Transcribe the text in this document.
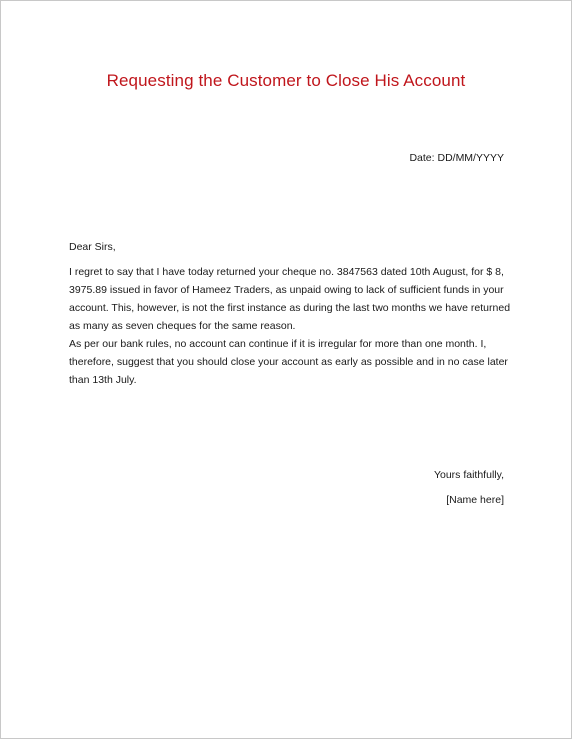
Requesting the Customer to Close His Account
Date: DD/MM/YYYY
Dear Sirs,

I regret to say that I have today returned your cheque no. 3847563 dated 10th August, for $ 8, 3975.89 issued in favor of Hameez Traders, as unpaid owing to lack of sufficient funds in your account. This, however, is not the first instance as during the last two months we have returned as many as seven cheques for the same reason.

As per our bank rules, no account can continue if it is irregular for more than one month. I, therefore, suggest that you should close your account as early as possible and in no case later than 13th July.

Yours faithfully,
[Name here]
